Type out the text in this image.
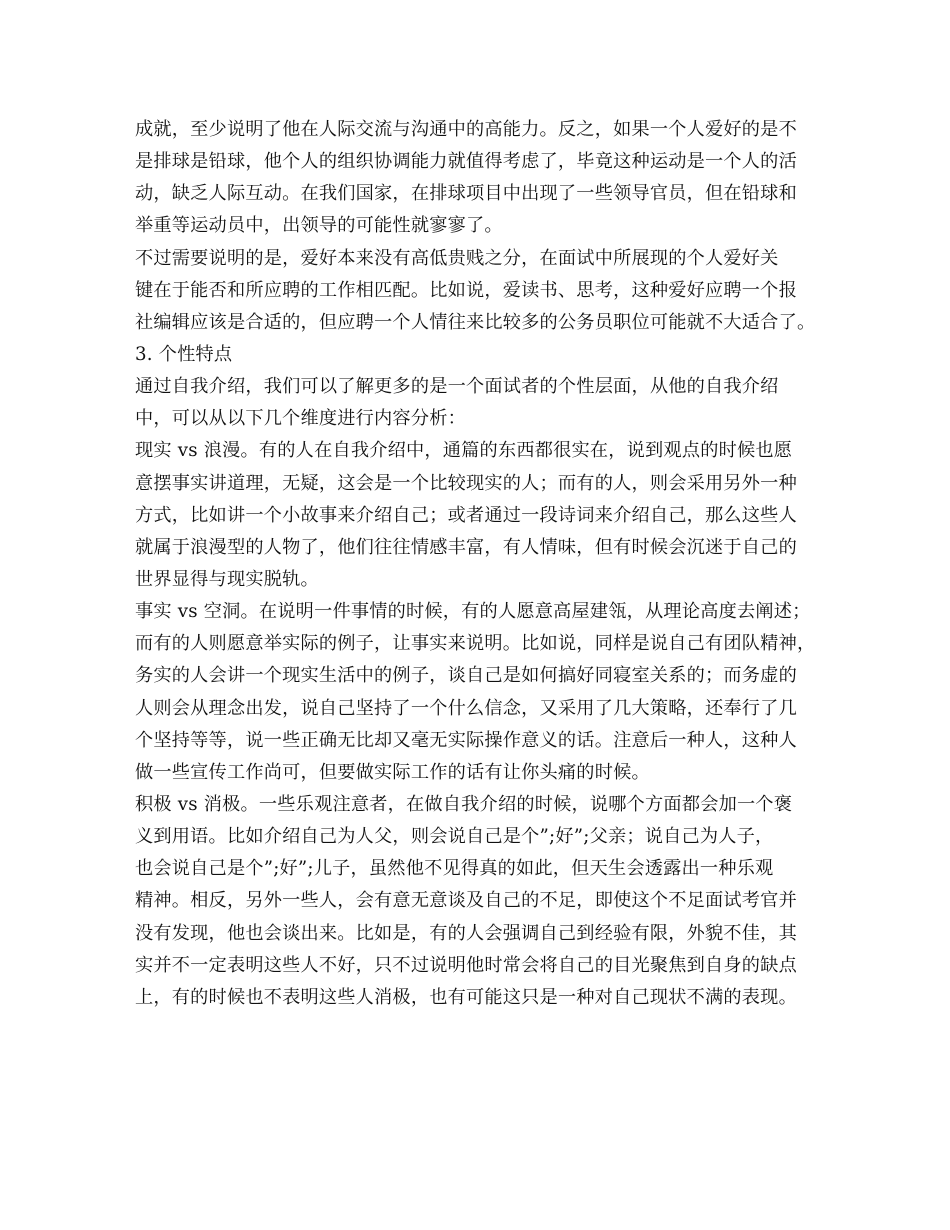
成就，至少说明了他在人际交流与沟通中的高能力。反之，如果一个人爱好的是不
是排球是铅球，他个人的组织协调能力就值得考虑了，毕竟这种运动是一个人的活
动，缺乏人际互动。在我们国家，在排球项目中出现了一些领导官员，但在铅球和
举重等运动员中，出领导的可能性就寥寥了。
不过需要说明的是，爱好本来没有高低贵贱之分，在面试中所展现的个人爱好关
键在于能否和所应聘的工作相匹配。比如说，爱读书、思考，这种爱好应聘一个报
社编辑应该是合适的，但应聘一个人情往来比较多的公务员职位可能就不大适合了。
3. 个性特点
通过自我介绍，我们可以了解更多的是一个面试者的个性层面，从他的自我介绍
中，可以从以下几个维度进行内容分析：
现实 vs 浪漫。有的人在自我介绍中，通篇的东西都很实在，说到观点的时候也愿
意摆事实讲道理，无疑，这会是一个比较现实的人；而有的人，则会采用另外一种
方式，比如讲一个小故事来介绍自己；或者通过一段诗词来介绍自己，那么这些人
就属于浪漫型的人物了，他们往往情感丰富，有人情味，但有时候会沉迷于自己的
世界显得与现实脱轨。
事实 vs 空洞。在说明一件事情的时候，有的人愿意高屋建瓴，从理论高度去阐述；
而有的人则愿意举实际的例子，让事实来说明。比如说，同样是说自己有团队精神，
务实的人会讲一个现实生活中的例子，谈自己是如何搞好同寝室关系的；而务虚的
人则会从理念出发，说自己坚持了一个什么信念，又采用了几大策略，还奉行了几
个坚持等等，说一些正确无比却又毫无实际操作意义的话。注意后一种人，这种人
做一些宣传工作尚可，但要做实际工作的话有让你头痛的时候。
积极 vs 消极。一些乐观注意者，在做自我介绍的时候，说哪个方面都会加一个褒
义到用语。比如介绍自己为人父，则会说自己是个”;好”;父亲；说自己为人子，
也会说自己是个”;好”;儿子，虽然他不见得真的如此，但天生会透露出一种乐观
精神。相反，另外一些人，会有意无意谈及自己的不足，即使这个不足面试考官并
没有发现，他也会谈出来。比如是，有的人会强调自己到经验有限，外貌不佳，其
实并不一定表明这些人不好，只不过说明他时常会将自己的目光聚焦到自身的缺点
上，有的时候也不表明这些人消极，也有可能这只是一种对自己现状不满的表现。
